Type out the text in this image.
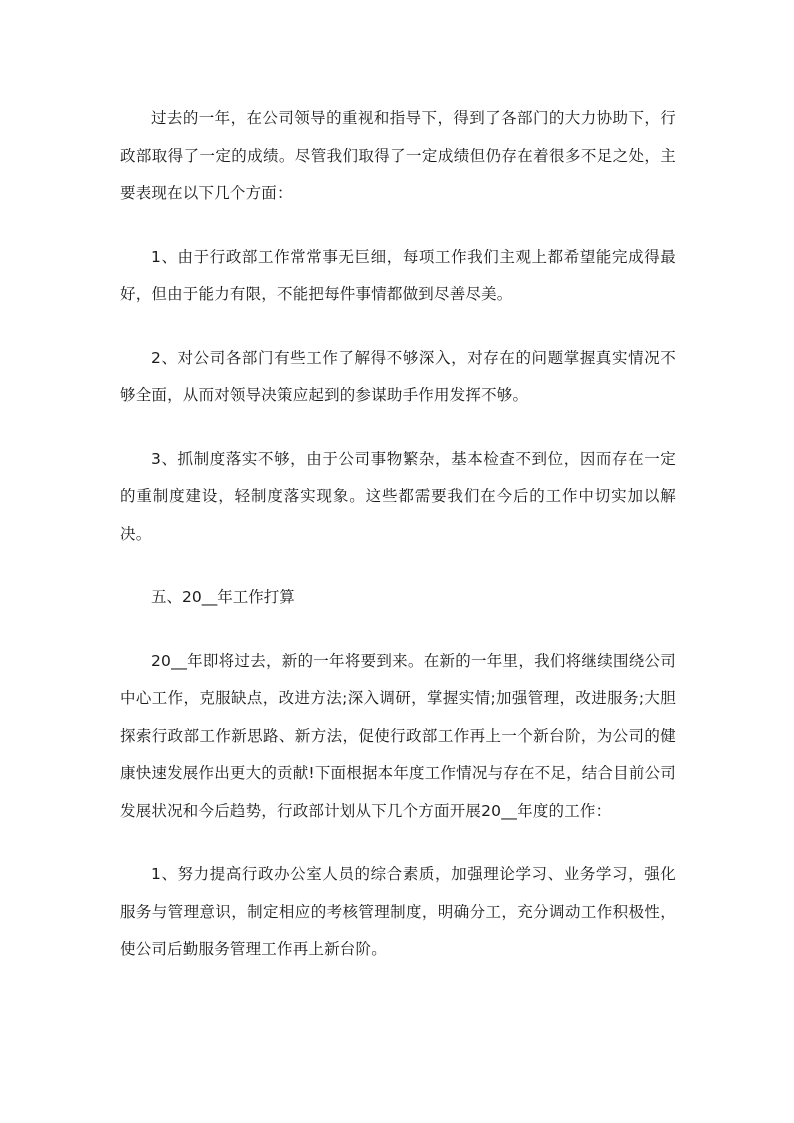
过去的一年，在公司领导的重视和指导下，得到了各部门的大力协助下，行政部取得了一定的成绩。尽管我们取得了一定成绩但仍存在着很多不足之处，主要表现在以下几个方面：

1、由于行政部工作常常事无巨细，每项工作我们主观上都希望能完成得最好，但由于能力有限，不能把每件事情都做到尽善尽美。

2、对公司各部门有些工作了解得不够深入，对存在的问题掌握真实情况不够全面，从而对领导决策应起到的参谋助手作用发挥不够。

3、抓制度落实不够，由于公司事物繁杂，基本检查不到位，因而存在一定的重制度建设，轻制度落实现象。这些都需要我们在今后的工作中切实加以解决。

五、20__年工作打算

20__年即将过去，新的一年将要到来。在新的一年里，我们将继续围绕公司中心工作，克服缺点，改进方法;深入调研，掌握实情;加强管理，改进服务;大胆探索行政部工作新思路、新方法，促使行政部工作再上一个新台阶，为公司的健康快速发展作出更大的贡献!下面根据本年度工作情况与存在不足，结合目前公司发展状况和今后趋势，行政部计划从下几个方面开展20__年度的工作：

1、努力提高行政办公室人员的综合素质，加强理论学习、业务学习，强化服务与管理意识，制定相应的考核管理制度，明确分工，充分调动工作积极性，使公司后勤服务管理工作再上新台阶。
